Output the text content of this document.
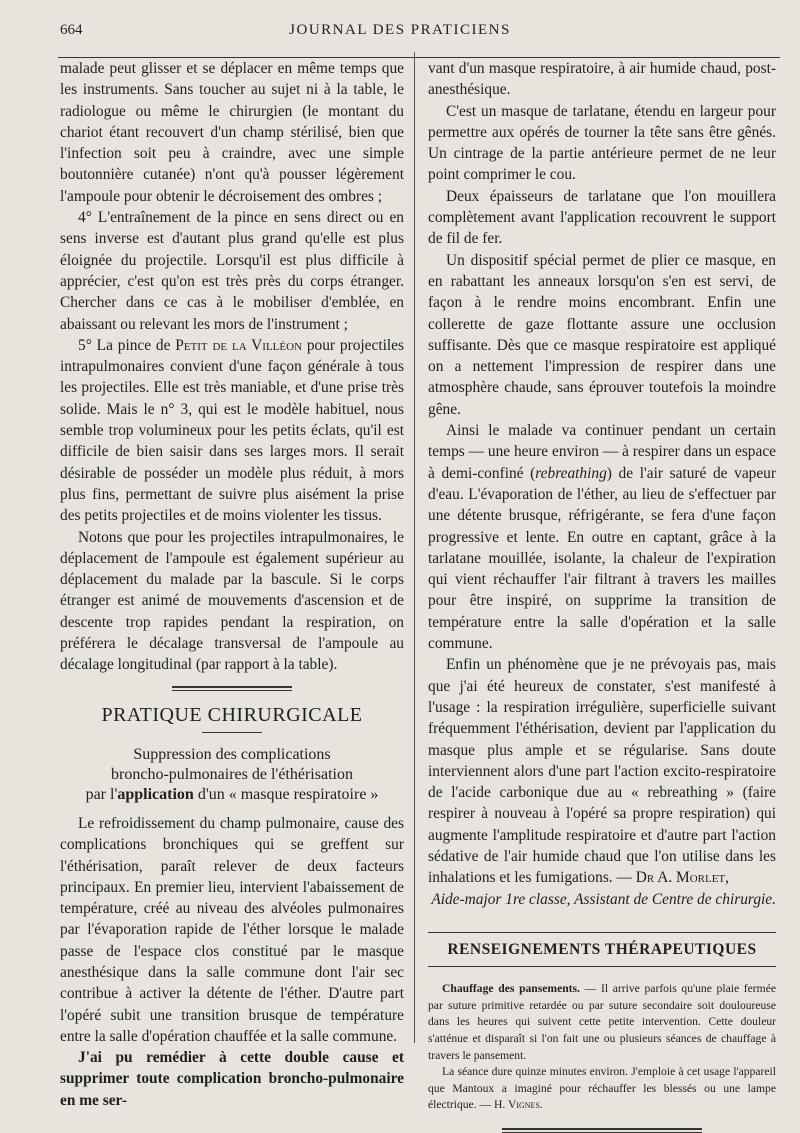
664	JOURNAL DES PRATICIENS

malade peut glisser et se déplacer en même temps que les instruments. Sans toucher au sujet ni à la table, le radiologue ou même le chirurgien (le montant du chariot étant recouvert d'un champ stérilisé, bien que l'infection soit peu à craindre, avec une simple boutonnière cutanée) n'ont qu'à pousser légèrement l'ampoule pour obtenir le décroisement des ombres ;

4° L'entraînement de la pince en sens direct ou en sens inverse est d'autant plus grand qu'elle est plus éloignée du projectile. Lorsqu'il est plus difficile à apprécier, c'est qu'on est très près du corps étranger. Chercher dans ce cas à le mobiliser d'emblée, en abaissant ou relevant les mors de l'instrument ;

5° La pince de Petit de la Villéon pour projectiles intrapulmonaires convient d'une façon générale à tous les projectiles. Elle est très maniable, et d'une prise très solide. Mais le n° 3, qui est le modèle habituel, nous semble trop volumineux pour les petits éclats, qu'il est difficile de bien saisir dans ses larges mors. Il serait désirable de posséder un modèle plus réduit, à mors plus fins, permettant de suivre plus aisément la prise des petits projectiles et de moins violenter les tissus.

Notons que pour les projectiles intrapulmonaires, le déplacement de l'ampoule est également supérieur au déplacement du malade par la bascule. Si le corps étranger est animé de mouvements d'ascension et de descente trop rapides pendant la respiration, on préférera le décalage transversal de l'ampoule au décalage longitudinal (par rapport à la table).

PRATIQUE CHIRURGICALE
Suppression des complications
broncho-pulmonaires de l'éthérisation
par l'application d'un « masque respiratoire »

Le refroidissement du champ pulmonaire, cause des complications bronchiques qui se greffent sur l'éthérisation, paraît relever de deux facteurs principaux. En premier lieu, intervient l'abaissement de température, créé au niveau des alvéoles pulmonaires par l'évaporation rapide de l'éther lorsque le malade passe de l'espace clos constitué par le masque anesthésique dans la salle commune dont l'air sec contribue à activer la détente de l'éther. D'autre part l'opéré subit une transition brusque de température entre la salle d'opération chauffée et la salle commune.

J'ai pu remédier à cette double cause et supprimer toute complication broncho-pulmonaire en me ser-

vant d'un masque respiratoire, à air humide chaud, post-anesthésique.

C'est un masque de tarlatane, étendu en largeur pour permettre aux opérés de tourner la tête sans être gênés. Un cintrage de la partie antérieure permet de ne leur point comprimer le cou.

Deux épaisseurs de tarlatane que l'on mouillera complètement avant l'application recouvrent le support de fil de fer.

Un dispositif spécial permet de plier ce masque, en en rabattant les anneaux lorsqu'on s'en est servi, de façon à le rendre moins encombrant. Enfin une collerette de gaze flottante assure une occlusion suffisante. Dès que ce masque respiratoire est appliqué on a nettement l'impression de respirer dans une atmosphère chaude, sans éprouver toutefois la moindre gêne.

Ainsi le malade va continuer pendant un certain temps — une heure environ — à respirer dans un espace à demi-confiné (rebreathing) de l'air saturé de vapeur d'eau. L'évaporation de l'éther, au lieu de s'effectuer par une détente brusque, réfrigérante, se fera d'une façon progressive et lente. En outre en captant, grâce à la tarlatane mouillée, isolante, la chaleur de l'expiration qui vient réchauffer l'air filtrant à travers les mailles pour être inspiré, on supprime la transition de température entre la salle d'opération et la salle commune.

Enfin un phénomène que je ne prévoyais pas, mais que j'ai été heureux de constater, s'est manifesté à l'usage : la respiration irrégulière, superficielle suivant fréquemment l'éthérisation, devient par l'application du masque plus ample et se régularise. Sans doute interviennent alors d'une part l'action excito-respiratoire de l'acide carbonique due au « rebreathing » (faire respirer à nouveau à l'opéré sa propre respiration) qui augmente l'amplitude respiratoire et d'autre part l'action sédative de l'air humide chaud que l'on utilise dans les inhalations et les fumigations. — Dr A. Morlet,

Aide-major 1re classe, Assistant de Centre de chirurgie.
RENSEIGNEMENTS THÉRAPEUTIQUES

Chauffage des pansements. — Il arrive parfois qu'une plaie fermée par suture primitive retardée ou par suture secondaire soit douloureuse dans les heures qui suivent cette petite intervention. Cette douleur s'atténue et disparaît si l'on fait une ou plusieurs séances de chauffage à travers le pansement.

La séance dure quinze minutes environ. J'emploie à cet usage l'appareil que Mantoux a imaginé pour réchauffer les blessés ou une lampe électrique. — H. Vignes.
